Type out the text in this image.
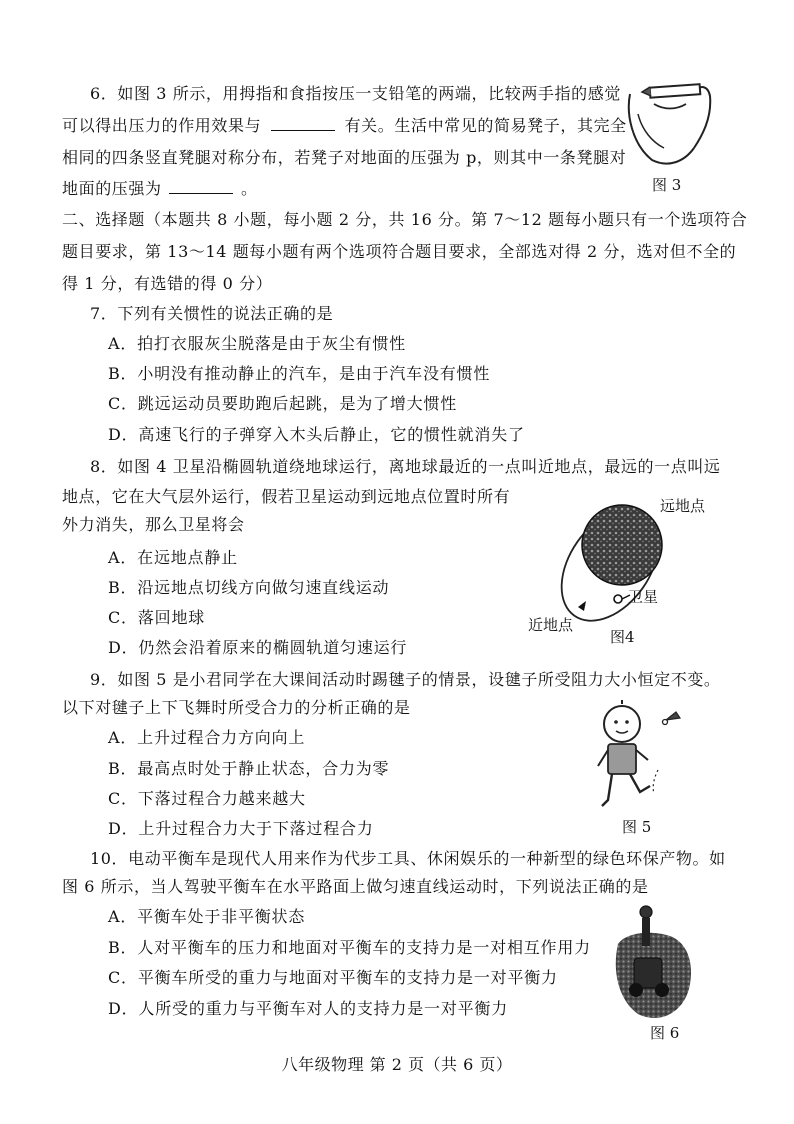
6．如图 3 所示，用拇指和食指按压一支铅笔的两端，比较两手指的感觉
可以得出压力的作用效果与	有关。生活中常见的简易凳子，其完全
相同的四条竖直凳腿对称分布，若凳子对地面的压强为 p，则其中一条凳腿对
地面的压强为	。	图 3
二、选择题（本题共 8 小题，每小题 2 分，共 16 分。第 7～12 题每小题只有一个选项符合
题目要求，第 13～14 题每小题有两个选项符合题目要求，全部选对得 2 分，选对但不全的
得 1 分，有选错的得 0 分）
7．下列有关惯性的说法正确的是
A．拍打衣服灰尘脱落是由于灰尘有惯性
B．小明没有推动静止的汽车，是由于汽车没有惯性
C．跳远运动员要助跑后起跳，是为了增大惯性
D．高速飞行的子弹穿入木头后静止，它的惯性就消失了
8．如图 4 卫星沿椭圆轨道绕地球运行，离地球最近的一点叫近地点，最远的一点叫远
地点，它在大气层外运行，假若卫星运动到远地点位置时所有
外力消失，那么卫星将会
A．在远地点静止
B．沿远地点切线方向做匀速直线运动
C．落回地球
D．仍然会沿着原来的椭圆轨道匀速运行
远地点
近地点
卫星
图4
9．如图 5 是小君同学在大课间活动时踢毽子的情景，设毽子所受阻力大小恒定不变。
以下对毽子上下飞舞时所受合力的分析正确的是
A．上升过程合力方向向上
B．最高点时处于静止状态，合力为零
C．下落过程合力越来越大
D．上升过程合力大于下落过程合力	图 5
10．电动平衡车是现代人用来作为代步工具、休闲娱乐的一种新型的绿色环保产物。如
图 6 所示，当人驾驶平衡车在水平路面上做匀速直线运动时，下列说法正确的是
A．平衡车处于非平衡状态
B．人对平衡车的压力和地面对平衡车的支持力是一对相互作用力
C．平衡车所受的重力与地面对平衡车的支持力是一对平衡力
D．人所受的重力与平衡车对人的支持力是一对平衡力
图 6
八年级物理 第 2 页（共 6 页）
